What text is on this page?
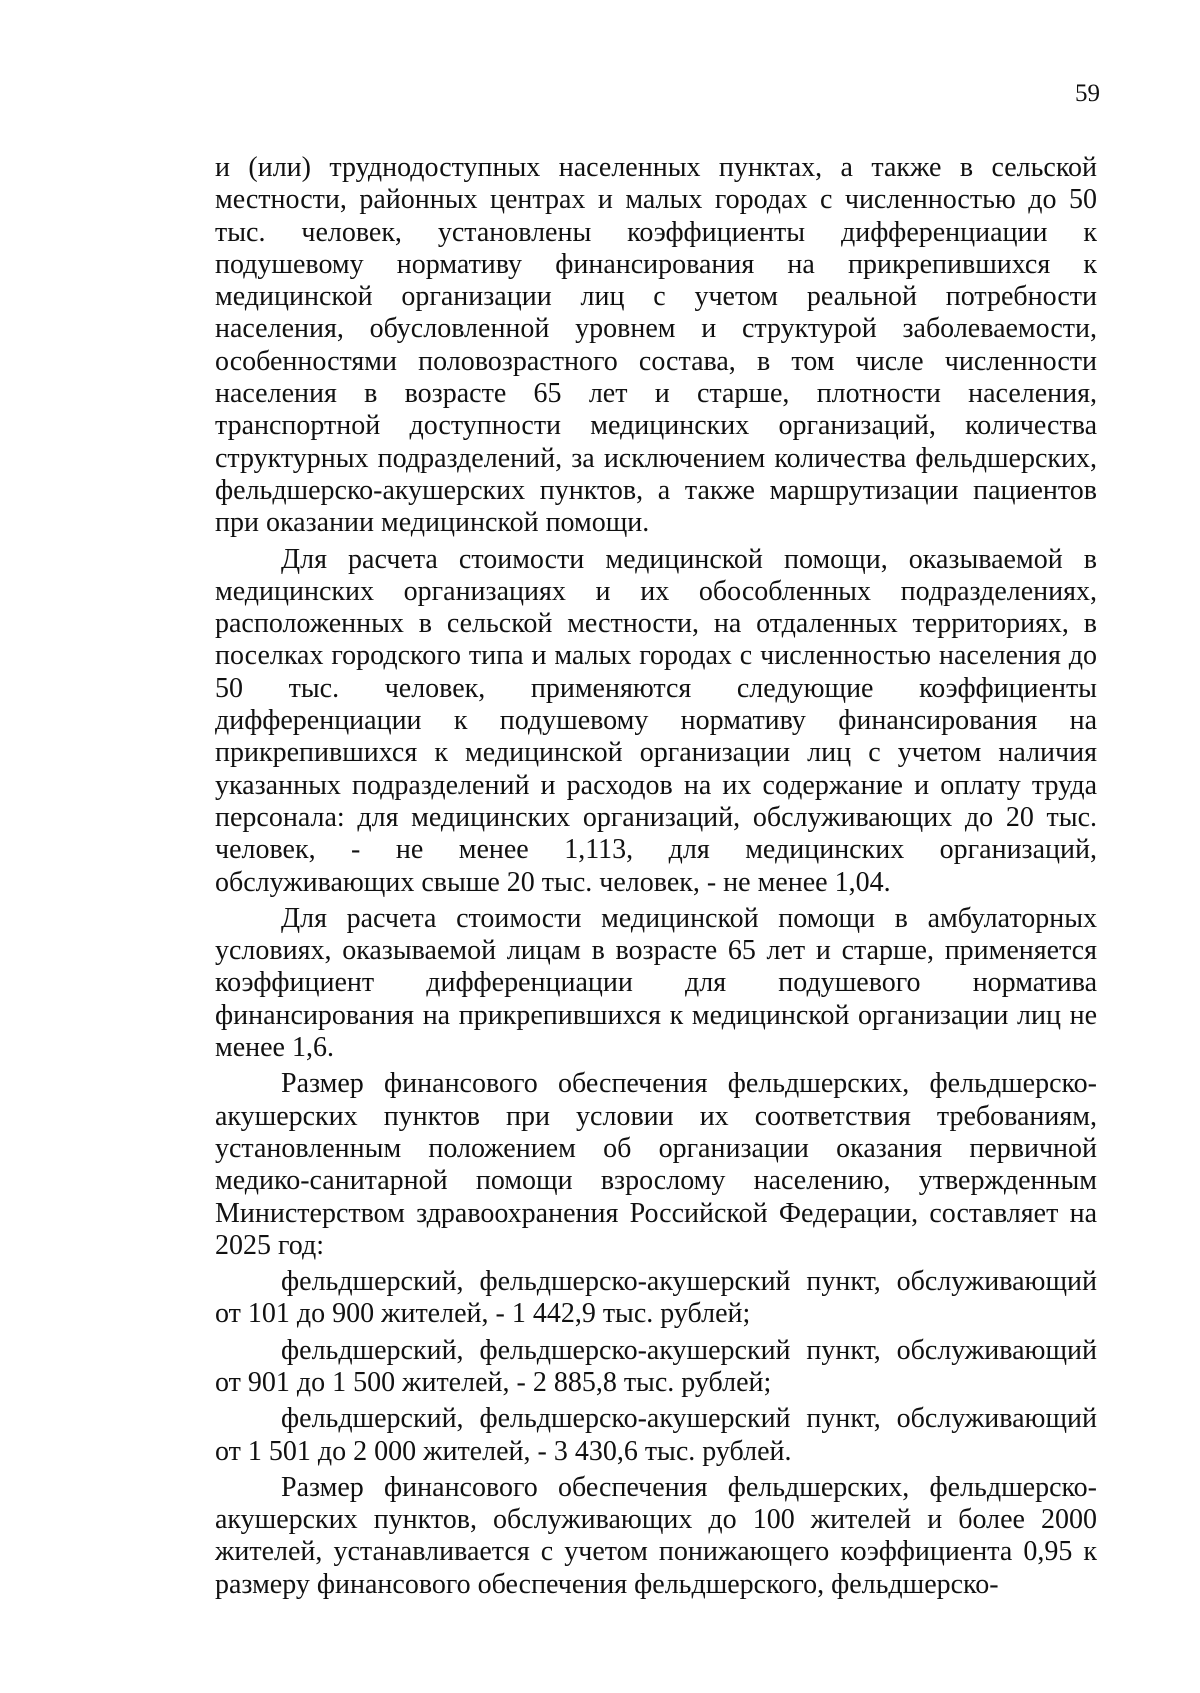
59

и (или) труднодоступных населенных пунктах, а также в сельской местности, районных центрах и малых городах с численностью до 50 тыс. человек, установлены коэффициенты дифференциации к подушевому нормативу финансирования на прикрепившихся к медицинской организации лиц с учетом реальной потребности населения, обусловленной уровнем и структурой заболеваемости, особенностями половозрастного состава, в том числе численности населения в возрасте 65 лет и старше, плотности населения, транспортной доступности медицинских организаций, количества структурных подразделений, за исключением количества фельдшерских, фельдшерско-акушерских пунктов, а также маршрутизации пациентов при оказании медицинской помощи.

Для расчета стоимости медицинской помощи, оказываемой в медицинских организациях и их обособленных подразделениях, расположенных в сельской местности, на отдаленных территориях, в поселках городского типа и малых городах с численностью населения до 50 тыс. человек, применяются следующие коэффициенты дифференциации к подушевому нормативу финансирования на прикрепившихся к медицинской организации лиц с учетом наличия указанных подразделений и расходов на их содержание и оплату труда персонала: для медицинских организаций, обслуживающих до 20 тыс. человек, - не менее 1,113, для медицинских организаций, обслуживающих свыше 20 тыс. человек, - не менее 1,04.

Для расчета стоимости медицинской помощи в амбулаторных условиях, оказываемой лицам в возрасте 65 лет и старше, применяется коэффициент дифференциации для подушевого норматива финансирования на прикрепившихся к медицинской организации лиц не менее 1,6.

Размер финансового обеспечения фельдшерских, фельдшерско-акушерских пунктов при условии их соответствия требованиям, установленным положением об организации оказания первичной медико-санитарной помощи взрослому населению, утвержденным Министерством здравоохранения Российской Федерации, составляет на 2025 год:

фельдшерский, фельдшерско-акушерский пункт, обслуживающий от 101 до 900 жителей, - 1 442,9 тыс. рублей;

фельдшерский, фельдшерско-акушерский пункт, обслуживающий от 901 до 1 500 жителей, - 2 885,8 тыс. рублей;

фельдшерский, фельдшерско-акушерский пункт, обслуживающий от 1 501 до 2 000 жителей, - 3 430,6 тыс. рублей.

Размер финансового обеспечения фельдшерских, фельдшерско-акушерских пунктов, обслуживающих до 100 жителей и более 2000 жителей, устанавливается с учетом понижающего коэффициента 0,95 к размеру финансового обеспечения фельдшерского, фельдшерско-
